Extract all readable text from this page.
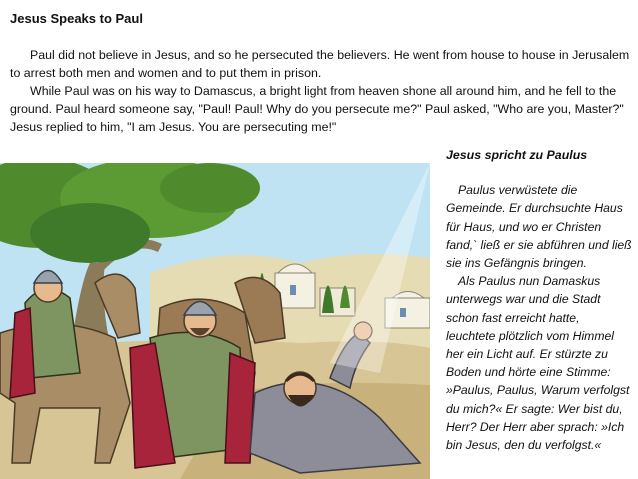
Jesus Speaks to Paul

Paul did not believe in Jesus, and so he persecuted the believers. He went from house to house in Jerusalem to arrest both men and women and to put them in prison.

While Paul was on his way to Damascus, a bright light from heaven shone all around him, and he fell to the ground. Paul heard someone say, "Paul! Paul! Why do you persecute me?" Paul asked, "Who are you, Master?" Jesus replied to him, "I am Jesus. You are persecuting me!"

Jesus spricht zu Paulus

Paulus verwüstete die Gemeinde. Er durchsuchte Haus für Haus, und wo er Christen fand,` ließ er sie abführen und ließ sie ins Gefängnis bringen.

Als Paulus nun Damaskus unterwegs war und die Stadt schon fast erreicht hatte, leuchtete plötzlich vom Himmel her ein Licht auf. Er stürzte zu Boden und hörte eine Stimme: »Paulus, Paulus, Warum verfolgst du mich?« Er sagte: Wer bist du, Herr? Der Herr aber sprach: »Ich bin Jesus, den du verfolgst.«
